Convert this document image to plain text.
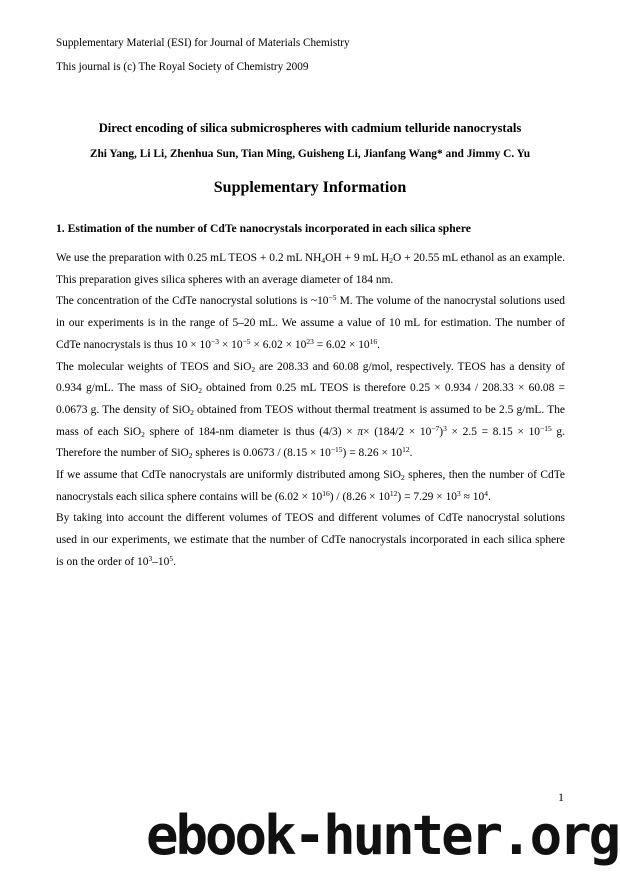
Supplementary Material (ESI) for Journal of Materials Chemistry
This journal is (c) The Royal Society of Chemistry 2009
Direct encoding of silica submicrospheres with cadmium telluride nanocrystals
Zhi Yang, Li Li, Zhenhua Sun, Tian Ming, Guisheng Li, Jianfang Wang* and Jimmy C. Yu
Supplementary Information
1. Estimation of the number of CdTe nanocrystals incorporated in each silica sphere

We use the preparation with 0.25 mL TEOS + 0.2 mL $NH_4OH + 9$ mL $H_2O + 20.55$ mL ethanol as an example. This preparation gives silica spheres with an average diameter of 184 nm.

The concentration of the CdTe nanocrystal solutions is $\sim 10^{-5}$ M. The volume of the nanocrystal solutions used in our experiments is in the range of 5–20 mL. We assume a value of 10 mL for estimation. The number of CdTe nanocrystals is thus $10 \times 10^{-3} \times 10^{-5} \times 6.02 \times 10^{23} = 6.02 \times 10^{16}$.

The molecular weights of TEOS and SiO$_2$ are 208.33 and 60.08 g/mol, respectively. TEOS has a density of 0.934 g/mL. The mass of SiO$_2$ obtained from 0.25 mL TEOS is therefore 0.25 × 0.934 / 208.33 × 60.08 = 0.0673 g. The density of SiO$_2$ obtained from TEOS without thermal treatment is assumed to be 2.5 g/mL. The mass of each SiO$_2$ sphere of 184-nm diameter is thus $(4/3) \times \pi\times (184/2 \times 10^{-7})^3 \times 2.5 = 8.15 \times 10^{-15}$ g. Therefore the number of SiO$_2$ spheres is $0.0673 / (8.15 \times 10^{-15}) = 8.26 \times 10^{12}$.

If we assume that CdTe nanocrystals are uniformly distributed among SiO$_2$ spheres, then the number of CdTe nanocrystals each silica sphere contains will be $(6.02 \times 10^{16}) / (8.26 \times 10^{12}) = 7.29 \times 10^3 \approx 10^4$.

By taking into account the different volumes of TEOS and different volumes of CdTe nanocrystal solutions used in our experiments, we estimate that the number of CdTe nanocrystals incorporated in each silica sphere is on the order of $10^3-10^5$.

1
ebook-hunter.org
